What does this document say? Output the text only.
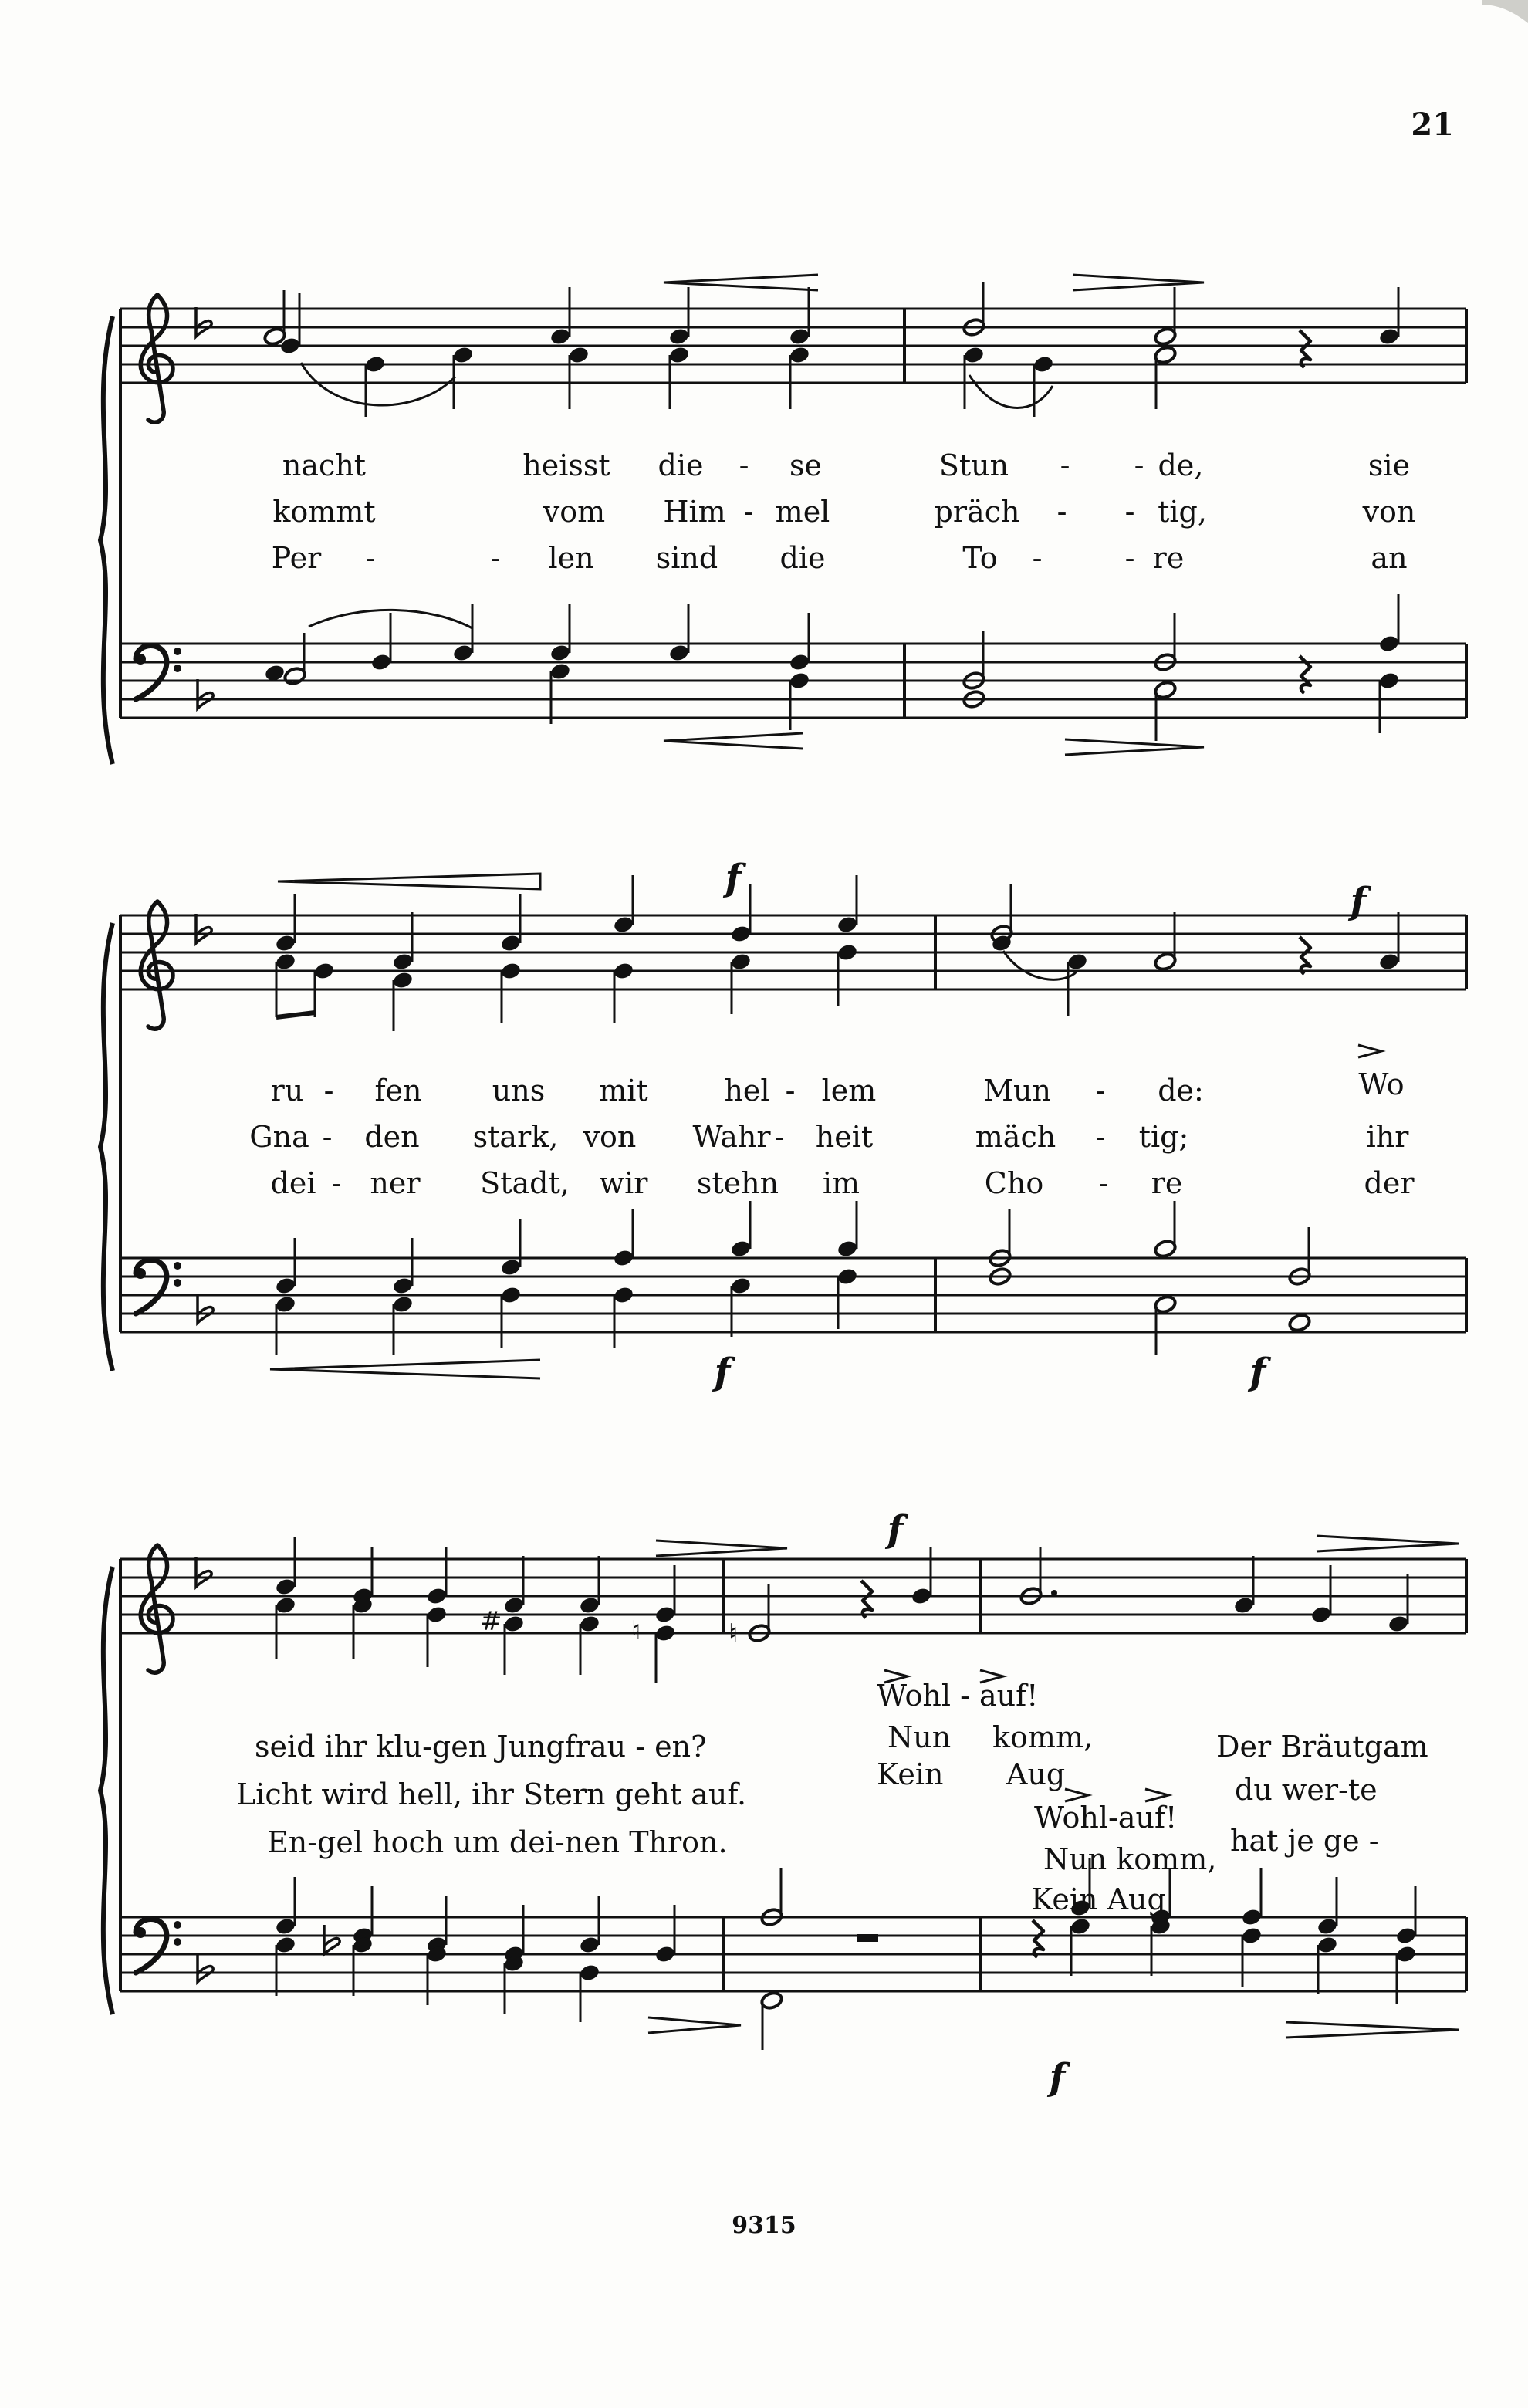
#	♮	♮
21
nacht	heisst die - se	Stun - - de,	sie
kommt	vom Him - mel	präch - - tig,	von
Per -	- len sind die	To -	- re	an
ru - fen uns mit	hel - lem	Mun - de:	Wo
Gna - den stark, von Wahr - heit	mäch - tig;	ihr
dei - ner Stadt, wir stehn im	Cho - re	der
f
f
f	f
seid ihr klu-gen Jungfrau - en?
Licht wird hell, ihr Stern geht auf.
En-gel hoch um dei-nen Thron.
Wohl - auf!
Nun komm,
Kein Aug
Wohl-auf!
Nun komm,
Kein Aug
Der Bräutgam
du wer-te
hat je ge -
f
f
9315
